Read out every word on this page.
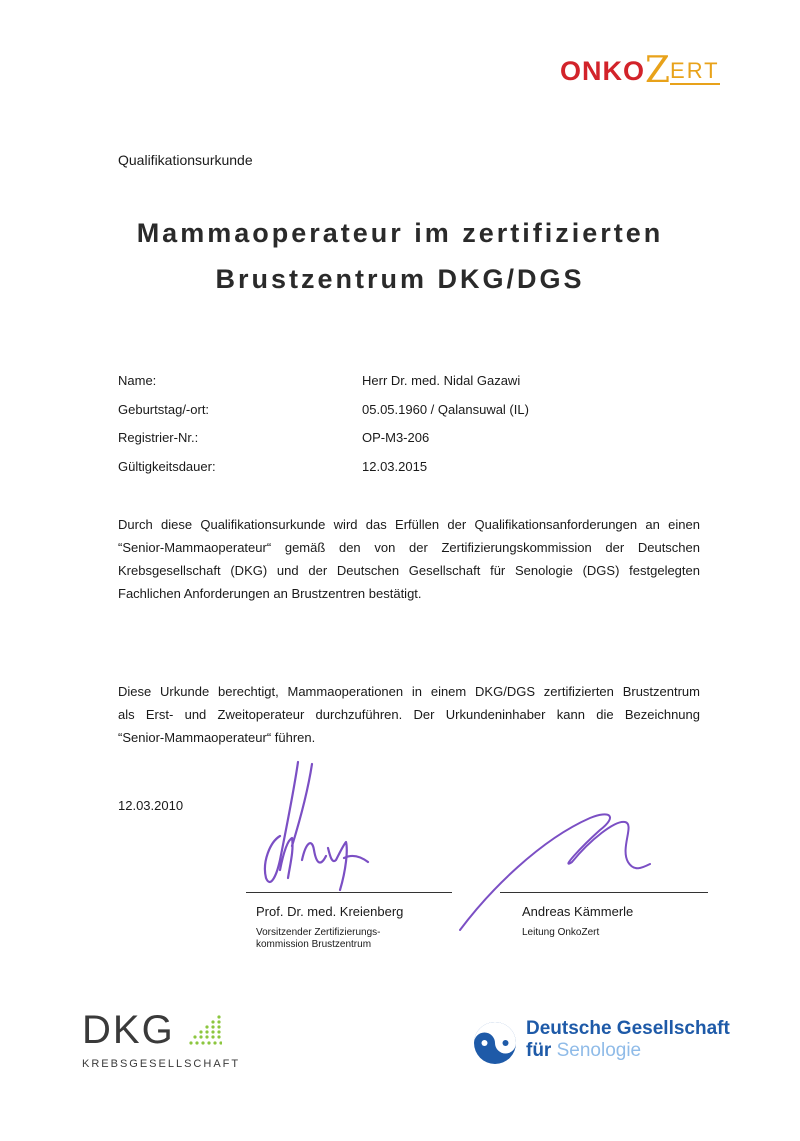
ONKOZERT
Qualifikationsurkunde
Mammaoperateur im zertifizierten
Brustzentrum DKG/DGS
Name:	Herr Dr. med. Nidal Gazawi
Geburtstag/-ort:	05.05.1960 / Qalansuwal (IL)
Registrier-Nr.:	OP-M3-206
Gültigkeitsdauer:	12.03.2015
Durch diese Qualifikationsurkunde wird das Erfüllen der Qualifikationsanforderungen an einen
“Senior-Mammaoperateur“ gemäß den von der Zertifizierungskommission der Deutschen
Krebsgesellschaft (DKG) und der Deutschen Gesellschaft für Senologie (DGS) festgelegten
Fachlichen Anforderungen an Brustzentren bestätigt.
Diese Urkunde berechtigt, Mammaoperationen in einem DKG/DGS zertifizierten Brustzentrum
als Erst- und Zweitoperateur durchzuführen. Der Urkundeninhaber kann die Bezeichnung
“Senior-Mammaoperateur“ führen.
12.03.2010
Prof. Dr. med. Kreienberg
Vorsitzender Zertifizierungs-
kommission Brustzentrum
Andreas Kämmerle
Leitung OnkoZert
DKG
KREBSGESELLSCHAFT
Deutsche Gesellschaft
für Senologie
